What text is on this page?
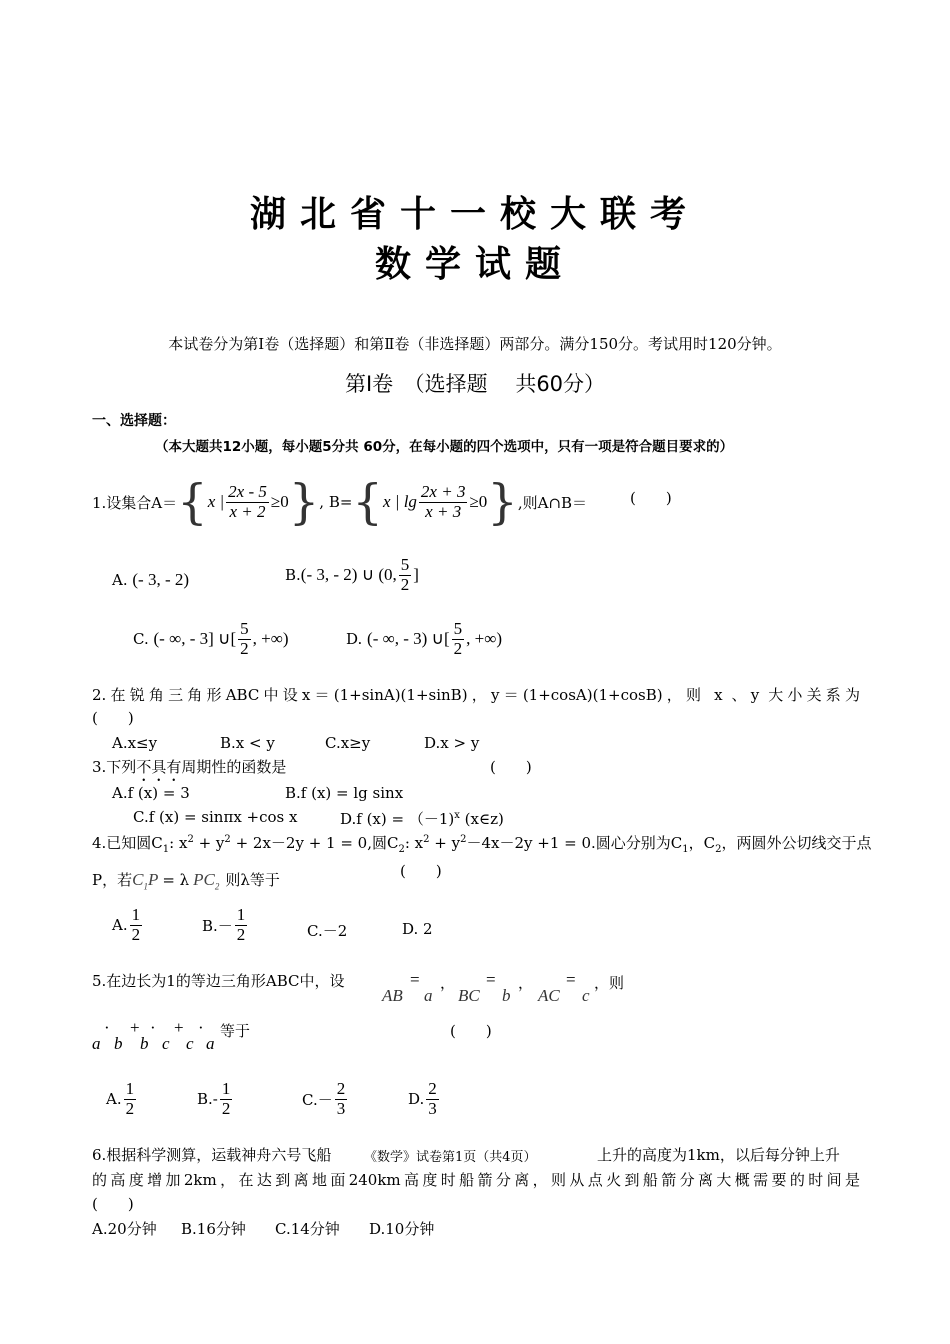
湖北省十一校大联考
数学试题
本试卷分为第Ⅰ卷（选择题）和第Ⅱ卷（非选择题）两部分。满分150分。考试用时120分钟。
第Ⅰ卷　（选择题　 共60分）
一、选择题：
（本大题共12小题，每小题5分共 60分，在每小题的四个选项中，只有一项是符合题目要求的）
1.设集合A＝ { x | $\frac{2x - 5}{x + 2} \ge 0$ } , B= { x | $\lg \frac{2x + 3}{x + 3} \ge 0$ } ,则A∩B＝	(　　)
A. (- 3, - 2)	B. (- 3, - 2) ∪ (0, $\frac{5}{2}$ ]
C.
(- ∞, - 3] ∪[ $\frac{5}{2}$ , +∞)	D.
(- ∞, - 3) ∪[ $\frac{5}{2}$ , +∞)
2.在锐角三角形ABC中设x＝(1+sinA)(1+sinB)，y＝(1+cosA)(1+cosB)，则 x 、y 大小关系为
(　　)
A.x≤y	B.x < y	C.x≥y	D.x > y
3.下列不具有周期性的函数是	(　　)
A.f (x) = 3	B.f (x) = lg sinx
C.f (x) = sinπx +cos x	D.f (x) = （－1)$^x$ (x∈z)
4.已知圆$C_1$: $x^2 + y^2 + 2x-2y + 1 = 0$,圆$C_2$: $x^2 + y^2-4x-2y +1 = 0$.圆心分别为$C_1$，$C_2$，两圆外公切线交于点
P，若 $C_1P = \lambda$ $PC_2$ 则λ等于	(　　)
A. $\frac{1}{2}$	$B.- \frac{1}{2}$	C.－2	D. 2
5.在边长为1的等边三角形ABC中，设
AB
=
a
，
BC
=
b
，
AC
=
c
，则
·
a
+
b
·
b
+
c
·
c a
等于	(　　)
A. $\frac{1}{2}$	$B.- \frac{1}{2}$	$C.- \frac{2}{3}$	D. $\frac{2}{3}$
6.根据科学测算，运载神舟六号飞船	上升的高度为1km，以后每分钟上升
的高度增加2km，在达到离地面240km高度时船箭分离，则从点火到船箭分离大概需要的时间是
(　　)
A.20分钟 B.16分钟 C.14分钟 D.10分钟
《数学》试卷第1页（共4页）
